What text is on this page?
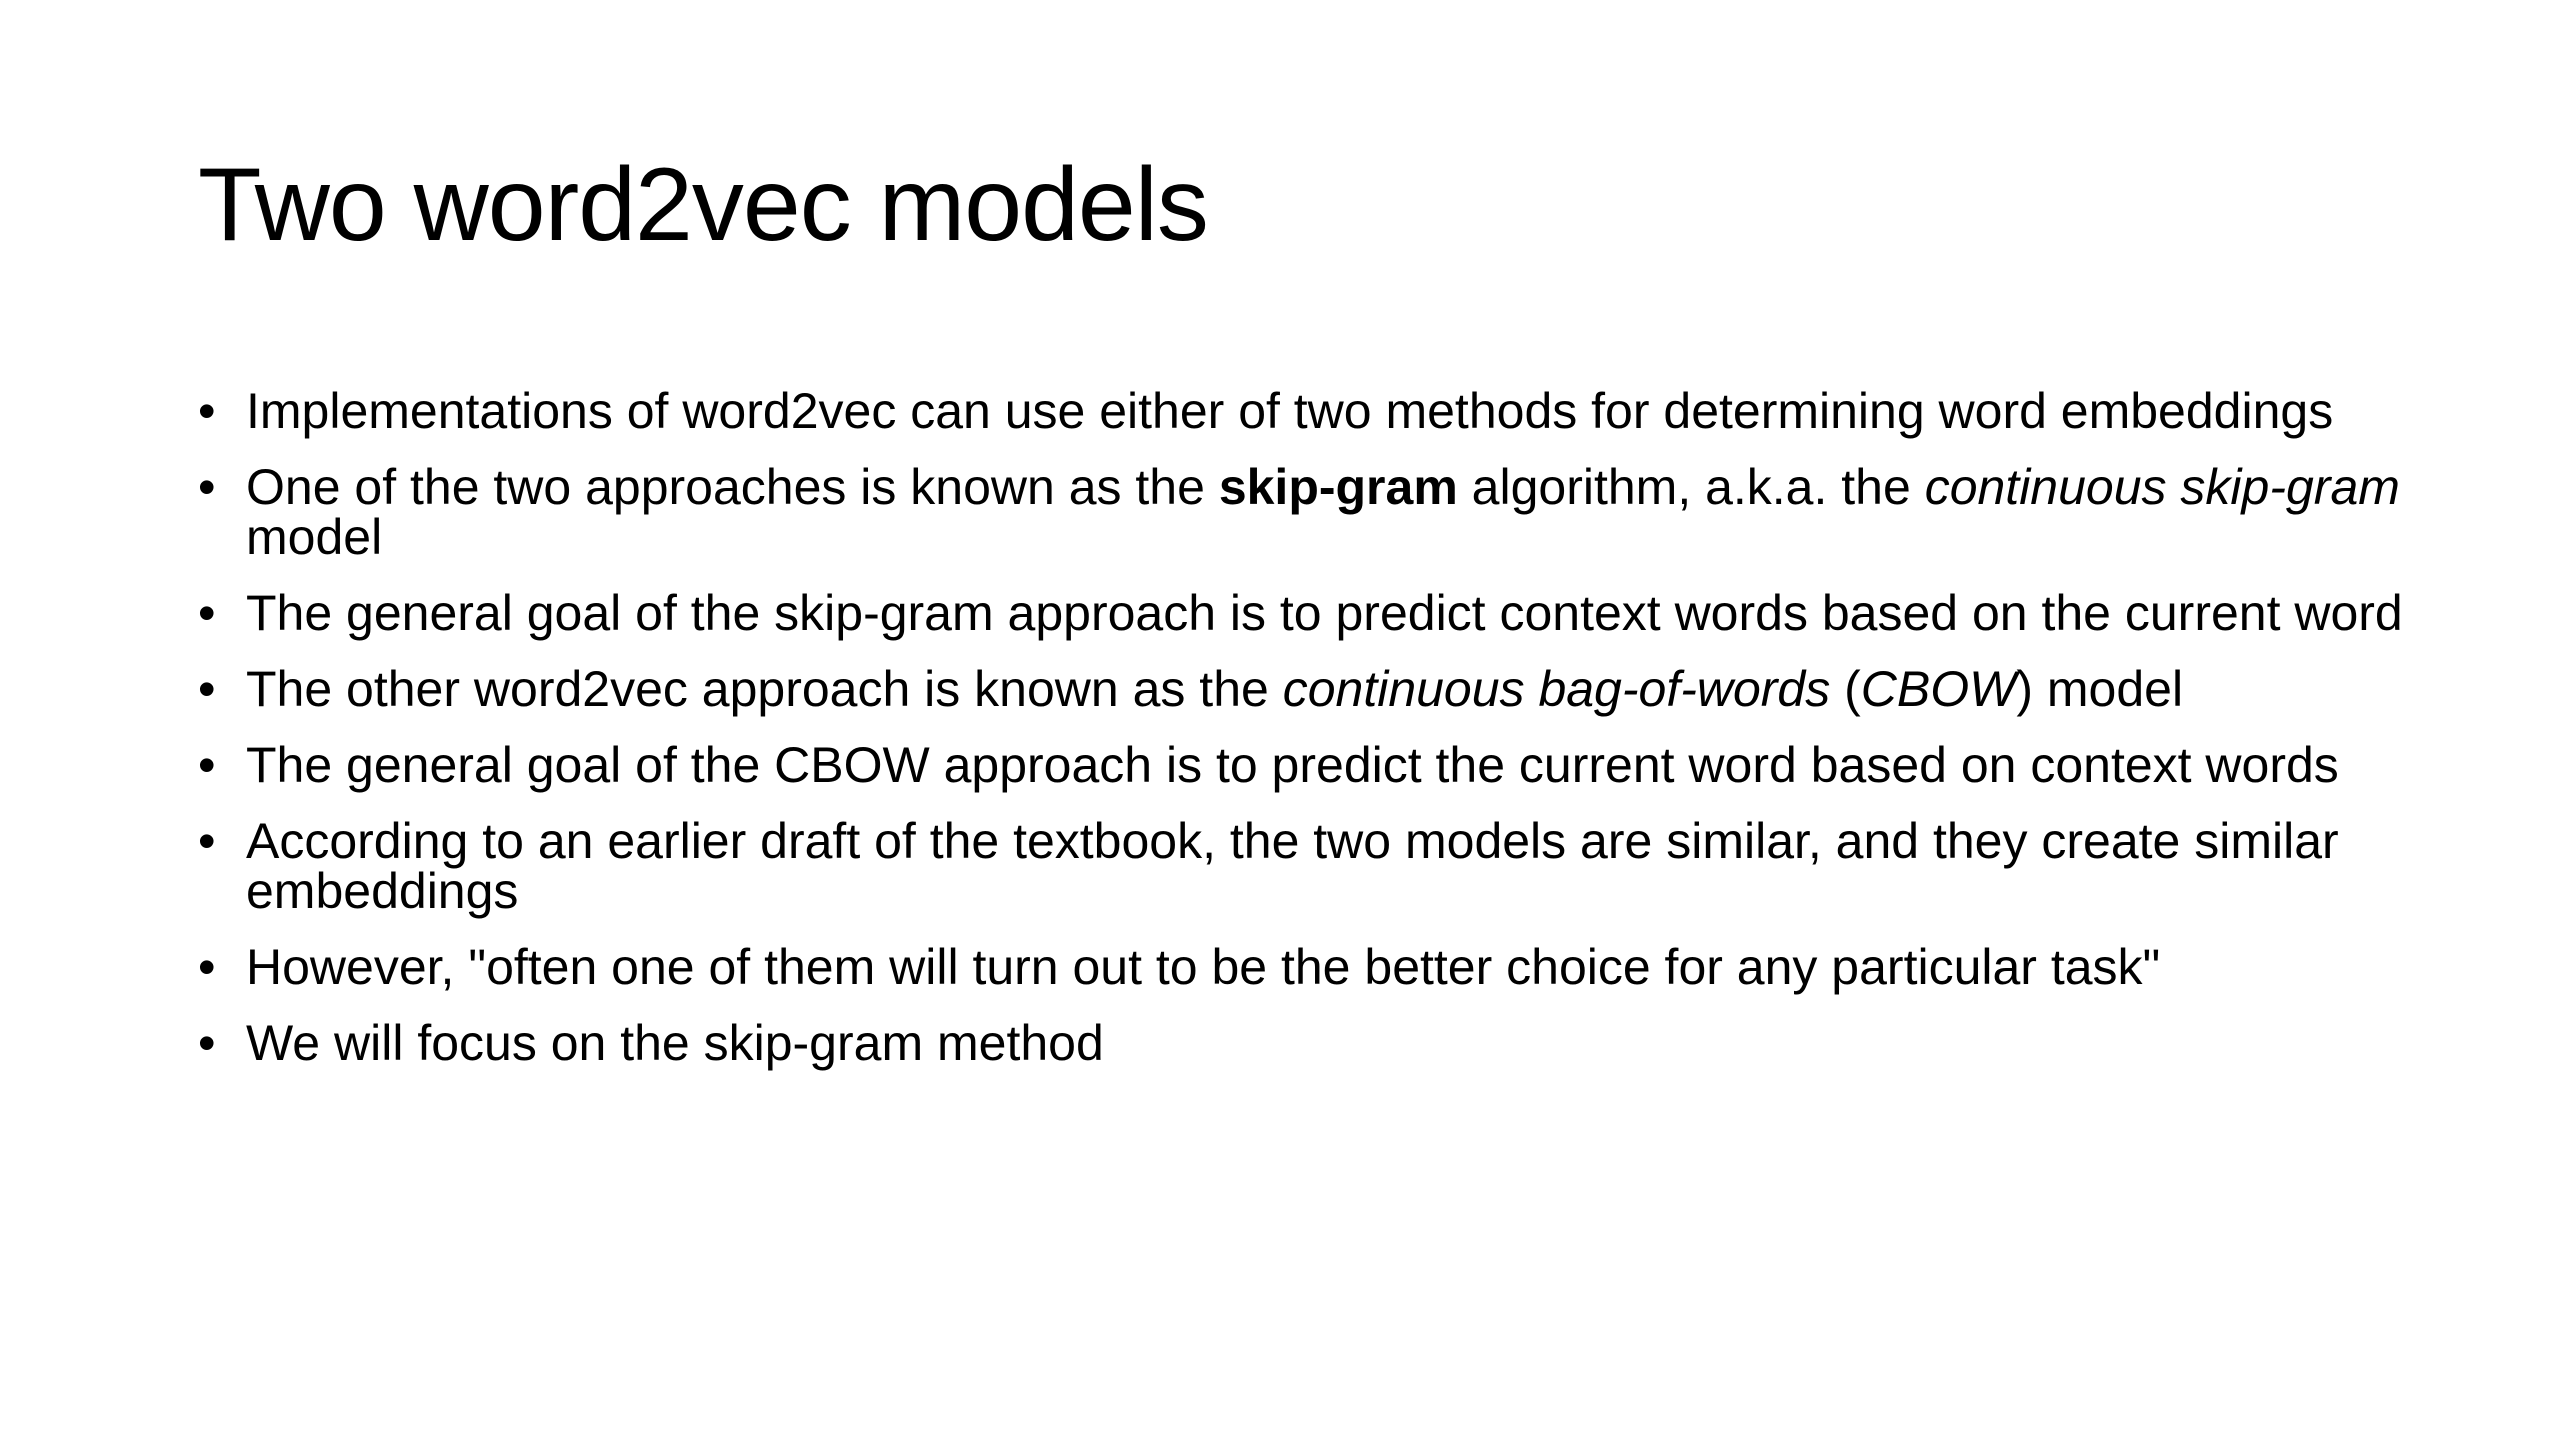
Two word2vec models
• Implementations of word2vec can use either of two methods for determining word embeddings
• One of the two approaches is known as the skip-gram algorithm, a.k.a. the continuous skip-gram model
• The general goal of the skip-gram approach is to predict context words based on the current word
• The other word2vec approach is known as the continuous bag-of-words (CBOW) model
• The general goal of the CBOW approach is to predict the current word based on context words
• According to an earlier draft of the textbook, the two models are similar, and they create similar embeddings
• However, "often one of them will turn out to be the better choice for any particular task"
• We will focus on the skip-gram method
